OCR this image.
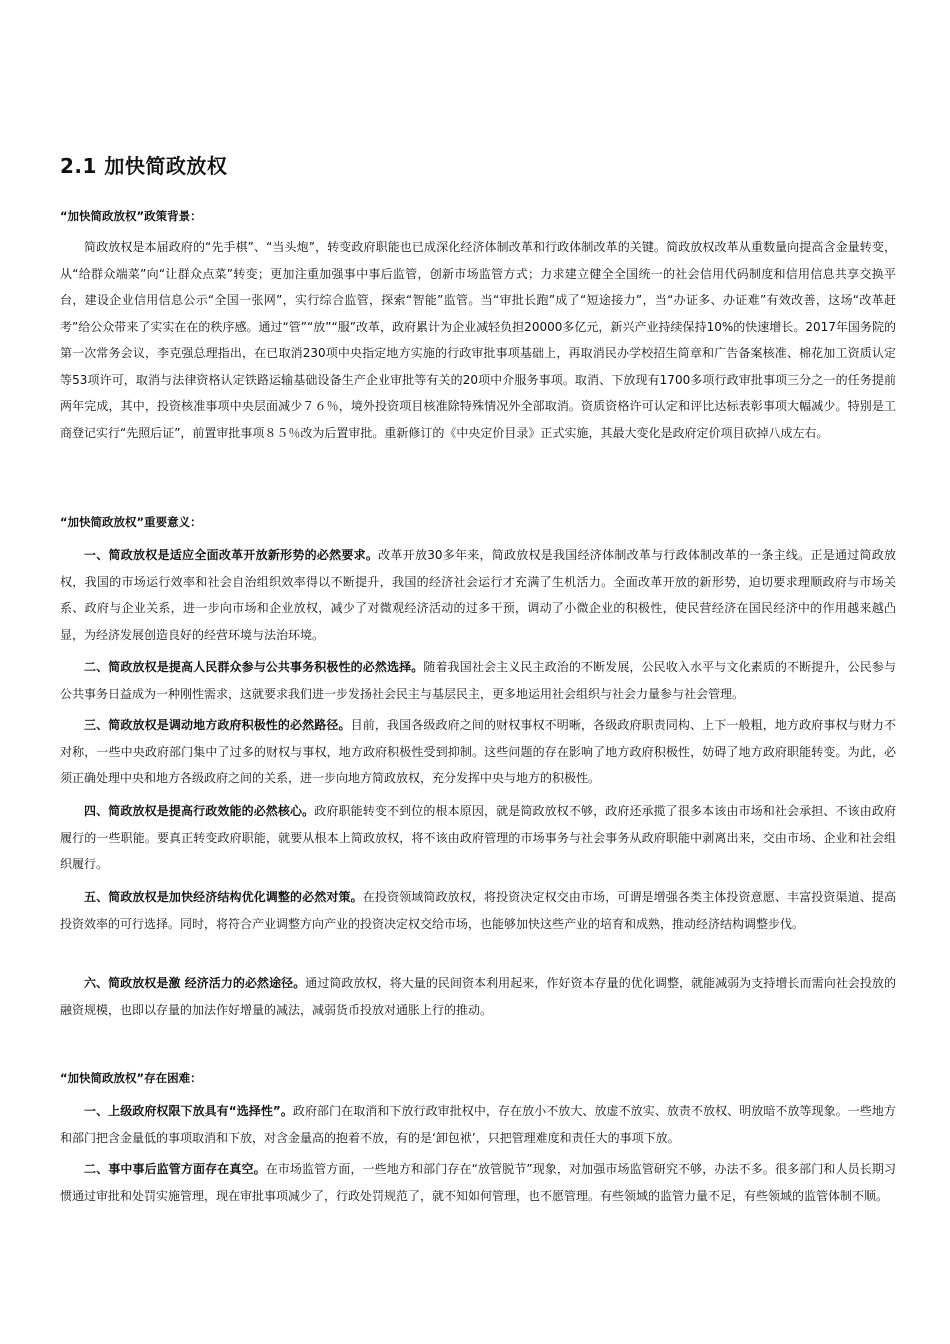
2.1 加快简政放权

“加快简政放权”政策背景：

简政放权是本届政府的“先手棋”、“当头炮”，转变政府职能也已成深化经济体制改革和行政体制改革的关键。简政放权改革从重数量向提高含金量转变，从“给群众端菜”向“让群众点菜”转变；更加注重加强事中事后监管，创新市场监管方式；力求建立健全全国统一的社会信用代码制度和信用信息共享交换平台，建设企业信用信息公示“全国一张网”，实行综合监管，探索“智能”监管。当“审批长跑”成了“短途接力”，当“办证多、办证难”有效改善，这场“改革赶考”给公众带来了实实在在的秩序感。通过“管”“放”“服”改革，政府累计为企业减轻负担20000多亿元，新兴产业持续保持10%的快速增长。2017年国务院的第一次常务会议，李克强总理指出，在已取消230项中央指定地方实施的行政审批事项基础上，再取消民办学校招生简章和广告备案核准、棉花加工资质认定等53项许可，取消与法律资格认定铁路运输基础设备生产企业审批等有关的20项中介服务事项。取消、下放现有1700多项行政审批事项三分之一的任务提前两年完成，其中，投资核准事项中央层面减少７６％，境外投资项目核准除特殊情况外全部取消。资质资格许可认定和评比达标表彰事项大幅减少。特别是工商登记实行“先照后证”，前置审批事项８５％改为后置审批。重新修订的《中央定价目录》正式实施，其最大变化是政府定价项目砍掉八成左右。

“加快简政放权”重要意义：

一、简政放权是适应全面改革开放新形势的必然要求。改革开放30多年来，简政放权是我国经济体制改革与行政体制改革的一条主线。正是通过简政放权，我国的市场运行效率和社会自治组织效率得以不断提升，我国的经济社会运行才充满了生机活力。全面改革开放的新形势，迫切要求理顺政府与市场关系、政府与企业关系，进一步向市场和企业放权，减少了对微观经济活动的过多干预，调动了小微企业的积极性，使民营经济在国民经济中的作用越来越凸显，为经济发展创造良好的经营环境与法治环境。

二、简政放权是提高人民群众参与公共事务积极性的必然选择。随着我国社会主义民主政治的不断发展，公民收入水平与文化素质的不断提升，公民参与公共事务日益成为一种刚性需求，这就要求我们进一步发扬社会民主与基层民主，更多地运用社会组织与社会力量参与社会管理。

三、简政放权是调动地方政府积极性的必然路径。目前，我国各级政府之间的财权事权不明晰，各级政府职责同构、上下一般粗，地方政府事权与财力不对称，一些中央政府部门集中了过多的财权与事权，地方政府积极性受到抑制。这些问题的存在影响了地方政府积极性，妨碍了地方政府职能转变。为此，必须正确处理中央和地方各级政府之间的关系，进一步向地方简政放权，充分发挥中央与地方的积极性。

四、简政放权是提高行政效能的必然核心。政府职能转变不到位的根本原因，就是简政放权不够，政府还承揽了很多本该由市场和社会承担、不该由政府履行的一些职能。要真正转变政府职能，就要从根本上简政放权，将不该由政府管理的市场事务与社会事务从政府职能中剥离出来，交由市场、企业和社会组织履行。

五、简政放权是加快经济结构优化调整的必然对策。在投资领域简政放权，将投资决定权交由市场，可谓是增强各类主体投资意愿、丰富投资渠道、提高投资效率的可行选择。同时，将符合产业调整方向产业的投资决定权交给市场，也能够加快这些产业的培育和成熟，推动经济结构调整步伐。

六、简政放权是激 经济活力的必然途径。通过简政放权，将大量的民间资本利用起来，作好资本存量的优化调整，就能减弱为支持增长而需向社会投放的融资规模，也即以存量的加法作好增量的减法，减弱货币投放对通胀上行的推动。

“加快简政放权”存在困难：

一、上级政府权限下放具有“选择性”。政府部门在取消和下放行政审批权中，存在放小不放大、放虚不放实、放责不放权、明放暗不放等现象。一些地方和部门把含金量低的事项取消和下放，对含金量高的抱着不放，有的是‘卸包袱’，只把管理难度和责任大的事项下放。

二、事中事后监管方面存在真空。在市场监管方面，一些地方和部门存在“放管脱节”现象，对加强市场监管研究不够，办法不多。很多部门和人员长期习惯通过审批和处罚实施管理，现在审批事项减少了，行政处罚规范了，就不知如何管理，也不愿管理。有些领域的监管力量不足，有些领域的监管体制不顺。
